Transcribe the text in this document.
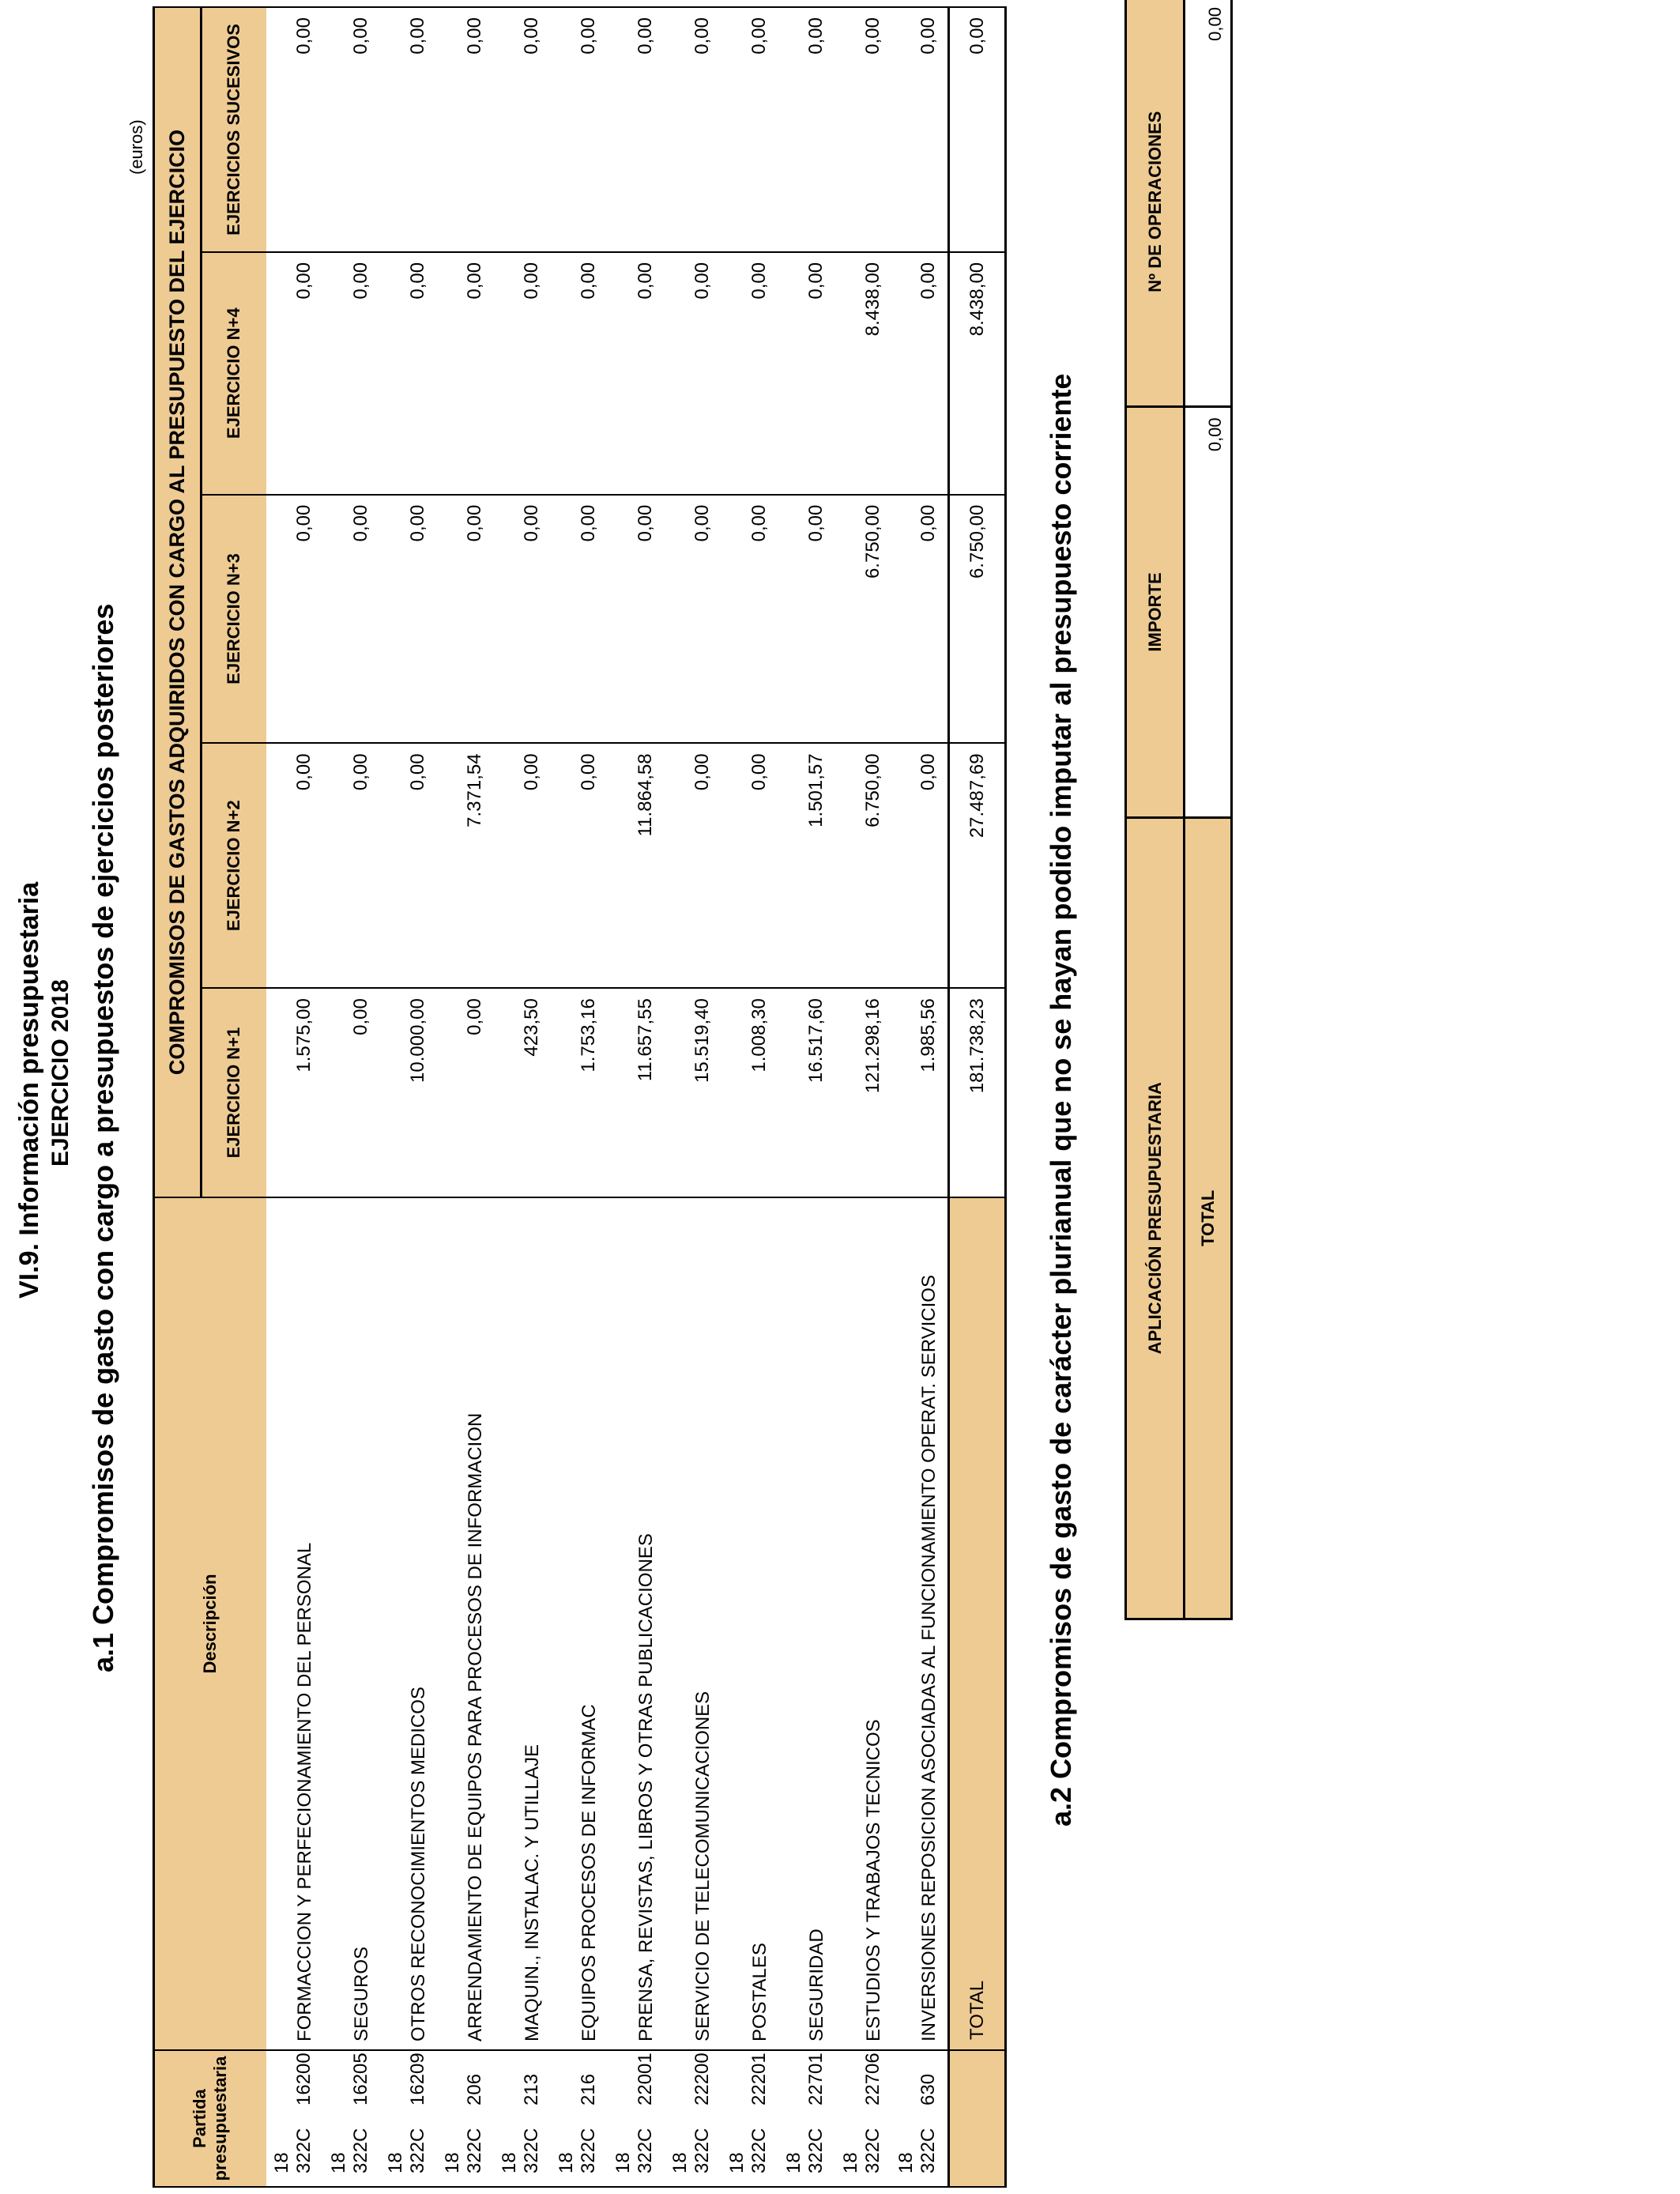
VI.9. Información presupuestaria EJERCICIO 2018 a.1 Compromisos de gasto con cargo a presupuestos de ejercicios posteriores
(euros)
Partida presupuestaria	Descripción	COMPROMISOS DE GASTOS ADQUIRIDOS CON CARGO AL PRESUPUESTO DEL EJERCICIO				
		EJERCICIO N+1	EJERCICIO N+2	EJERCICIO N+3	EJERCICIO N+4	EJERCICIOS SUCESIVOS
18 322C16200	FORMACCION Y PERFECIONAMIENTO DEL PERSONAL	1.575,00	0,00	0,00	0,00	0,00
18 322C16205	SEGUROS	0,00	0,00	0,00	0,00	0,00
18 322C16209	OTROS RECONOCIMIENTOS MEDICOS	10.000,00	0,00	0,00	0,00	0,00
18 322C206	ARRENDAMIENTO DE EQUIPOS PARA PROCESOS DE INFORMACION	0,00	7.371,54	0,00	0,00	0,00
18 322C213	MAQUIN., INSTALAC. Y UTILLAJE	423,50	0,00	0,00	0,00	0,00
18 322C216	EQUIPOS PROCESOS DE INFORMAC	1.753,16	0,00	0,00	0,00	0,00
18 322C22001	PRENSA, REVISTAS, LIBROS Y OTRAS PUBLICACIONES	11.657,55	11.864,58	0,00	0,00	0,00
18 322C22200	SERVICIO DE TELECOMUNICACIONES	15.519,40	0,00	0,00	0,00	0,00
18 322C22201	POSTALES	1.008,30	0,00	0,00	0,00	0,00
18 322C22701	SEGURIDAD	16.517,60	1.501,57	0,00	0,00	0,00
18 322C22706	ESTUDIOS Y TRABAJOS TECNICOS	121.298,16	6.750,00	6.750,00	8.438,00	0,00
18 322C630	INVERSIONES REPOSICION ASOCIADAS AL FUNCIONAMIENTO OPERAT. SERVICIOS	1.985,56	0,00	0,00	0,00	0,00
	TOTAL	181.738,23	27.487,69	6.750,00	8.438,00	0,00
a.2 Compromisos de gasto de carácter plurianual que no se hayan podido imputar al presupuesto corriente	APLICACIÓN PRESUPUESTARIA	IMPORTE	Nº DE OPERACIONES
TOTAL	0,00	0,00
